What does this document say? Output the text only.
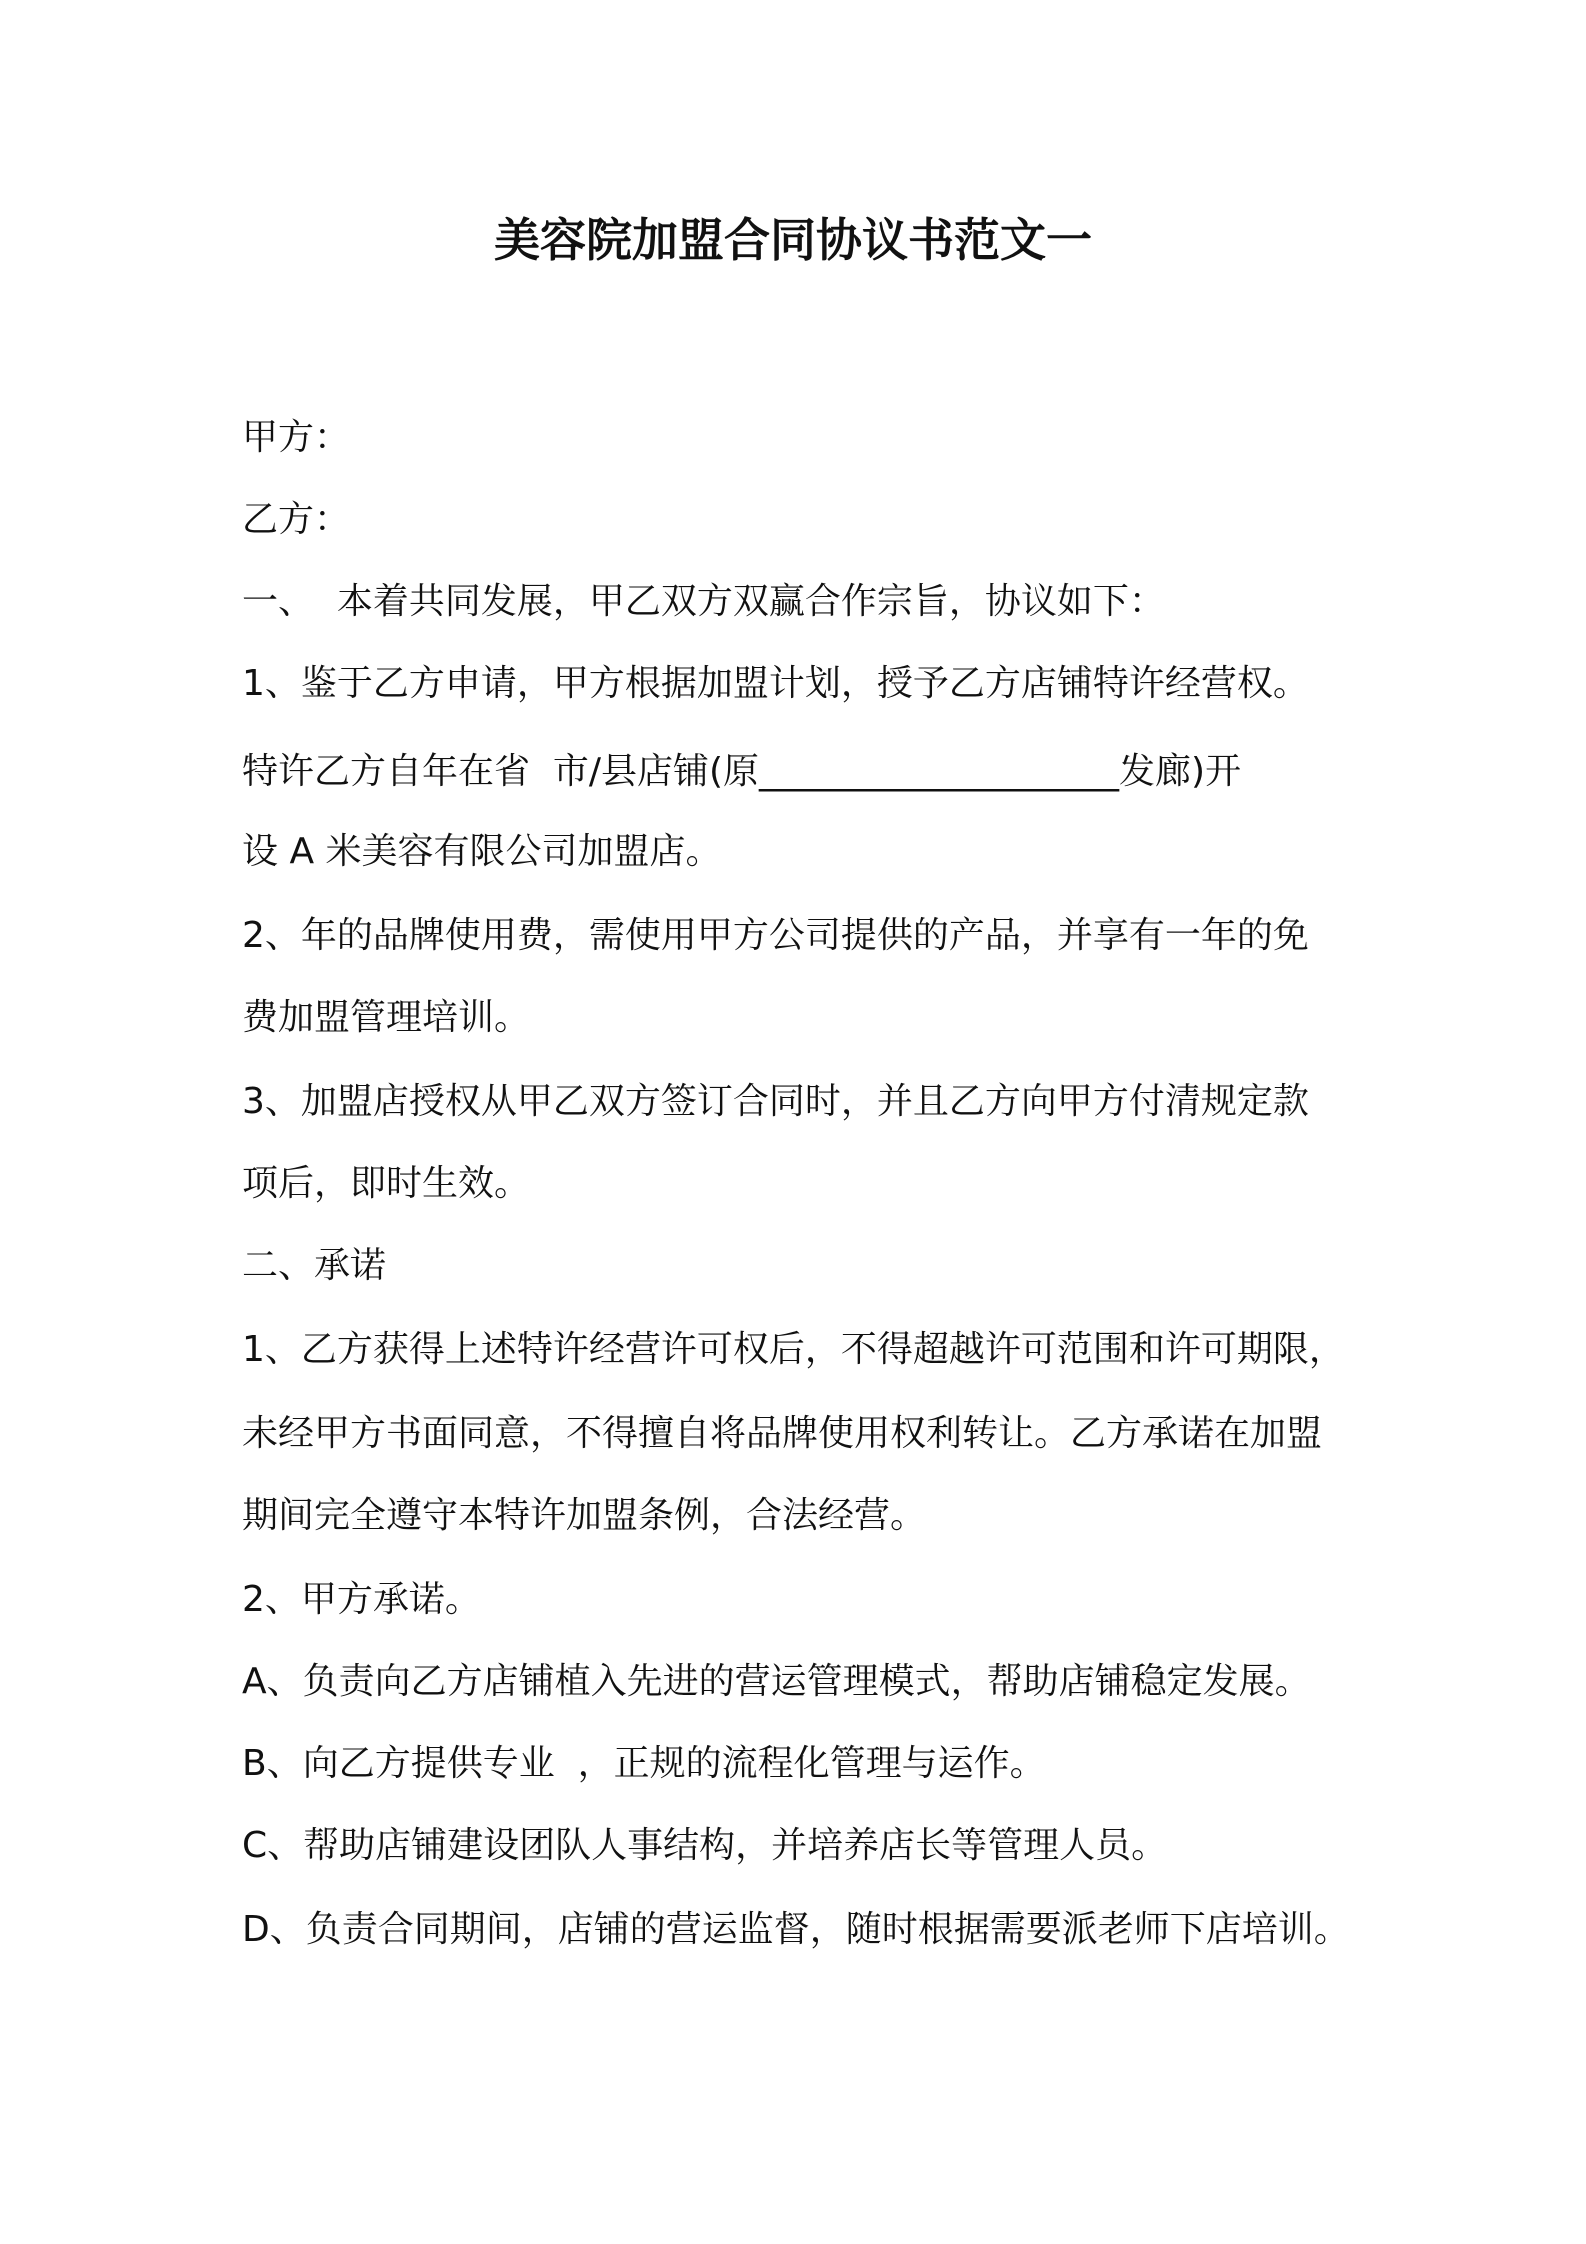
美容院加盟合同协议书范文一
甲方：
乙方：
一、  本着共同发展，甲乙双方双赢合作宗旨，协议如下：
1、鉴于乙方申请，甲方根据加盟计划，授予乙方店铺特许经营权。
特许乙方自年在省  市/县店铺(原____________________发廊)开
设 A 米美容有限公司加盟店。
2、年的品牌使用费，需使用甲方公司提供的产品，并享有一年的免
费加盟管理培训。
3、加盟店授权从甲乙双方签订合同时，并且乙方向甲方付清规定款
项后，即时生效。
二、承诺
1、乙方获得上述特许经营许可权后，不得超越许可范围和许可期限，
未经甲方书面同意，不得擅自将品牌使用权利转让。乙方承诺在加盟
期间完全遵守本特许加盟条例，合法经营。
2、甲方承诺。
A、负责向乙方店铺植入先进的营运管理模式，帮助店铺稳定发展。
B、向乙方提供专业  ，正规的流程化管理与运作。
C、帮助店铺建设团队人事结构，并培养店长等管理人员。
D、负责合同期间，店铺的营运监督，随时根据需要派老师下店培训。
